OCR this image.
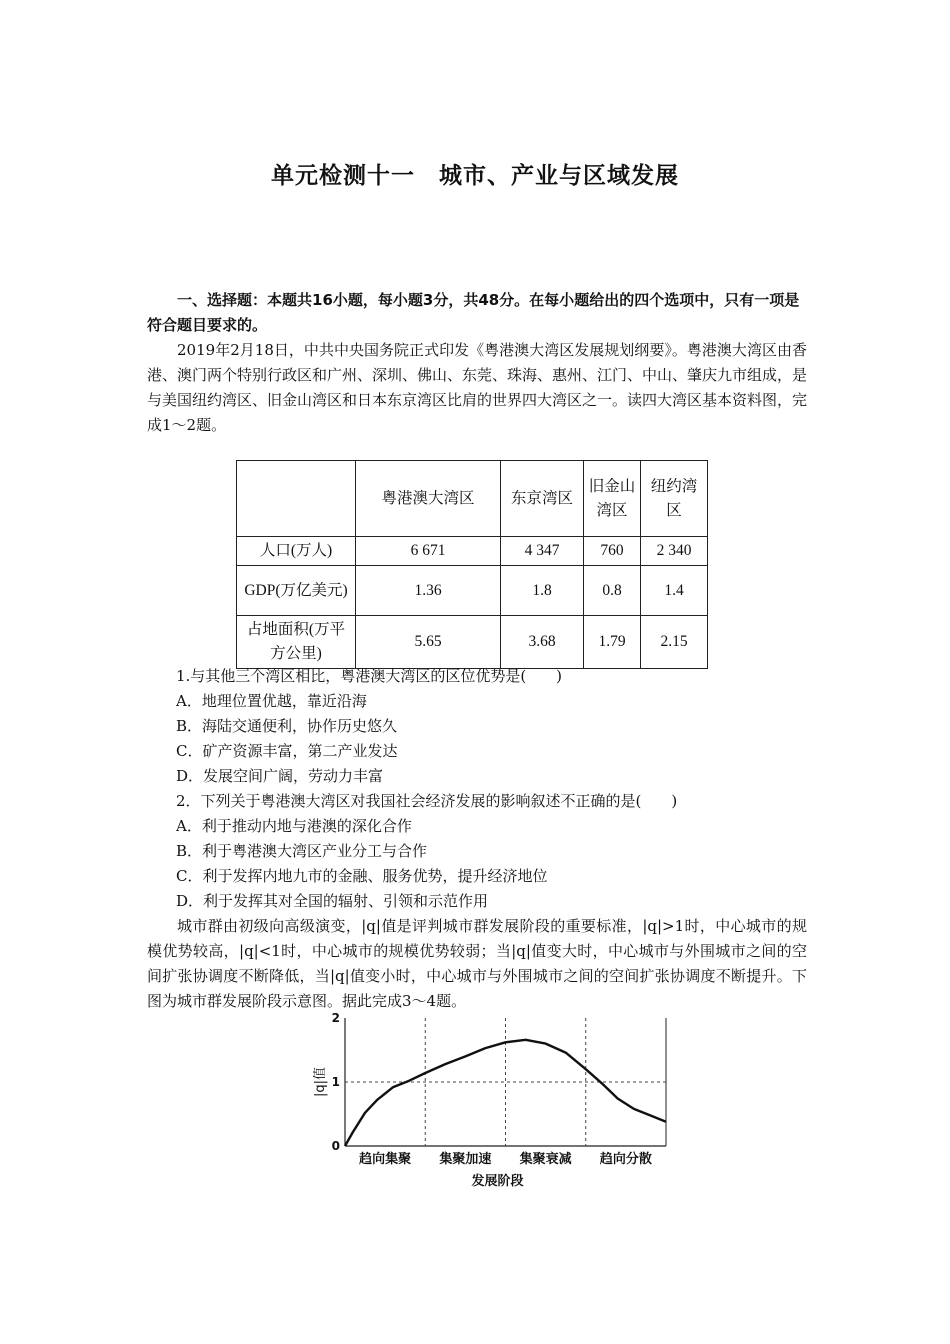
单元检测十一　城市、产业与区域发展
一、选择题：本题共16小题，每小题3分，共48分。在每小题给出的四个选项中，只有一项是符合题目要求的。
2019年2月18日，中共中央国务院正式印发《粤港澳大湾区发展规划纲要》。粤港澳大湾区由香港、澳门两个特别行政区和广州、深圳、佛山、东莞、珠海、惠州、江门、中山、肇庆九市组成，是与美国纽约湾区、旧金山湾区和日本东京湾区比肩的世界四大湾区之一。读四大湾区基本资料图，完成1～2题。
	粤港澳大湾区	东京湾区	旧金山湾区	纽约湾区
人口(万人)	6 671	4 347	760	2 340
GDP(万亿美元)	1.36	1.8	0.8	1.4
占地面积(万平方公里)	5.65	3.68	1.79	2.15
1.与其他三个湾区相比，粤港澳大湾区的区位优势是(　　)
A．地理位置优越，靠近沿海
B．海陆交通便利，协作历史悠久
C．矿产资源丰富，第二产业发达
D．发展空间广阔，劳动力丰富
2．下列关于粤港澳大湾区对我国社会经济发展的影响叙述不正确的是(　　)
A．利于推动内地与港澳的深化合作
B．利于粤港澳大湾区产业分工与合作
C．利于发挥内地九市的金融、服务优势，提升经济地位
D．利于发挥其对全国的辐射、引领和示范作用
城市群由初级向高级演变，|q|值是评判城市群发展阶段的重要标准，|q|>1时，中心城市的规模优势较高，|q|<1时，中心城市的规模优势较弱；当|q|值变大时，中心城市与外围城市之间的空间扩张协调度不断降低，当|q|值变小时，中心城市与外围城市之间的空间扩张协调度不断提升。下图为城市群发展阶段示意图。据此完成3～4题。
0
1
2
|q|值
趋向集聚 集聚加速 集聚衰减 趋向分散
发展阶段
